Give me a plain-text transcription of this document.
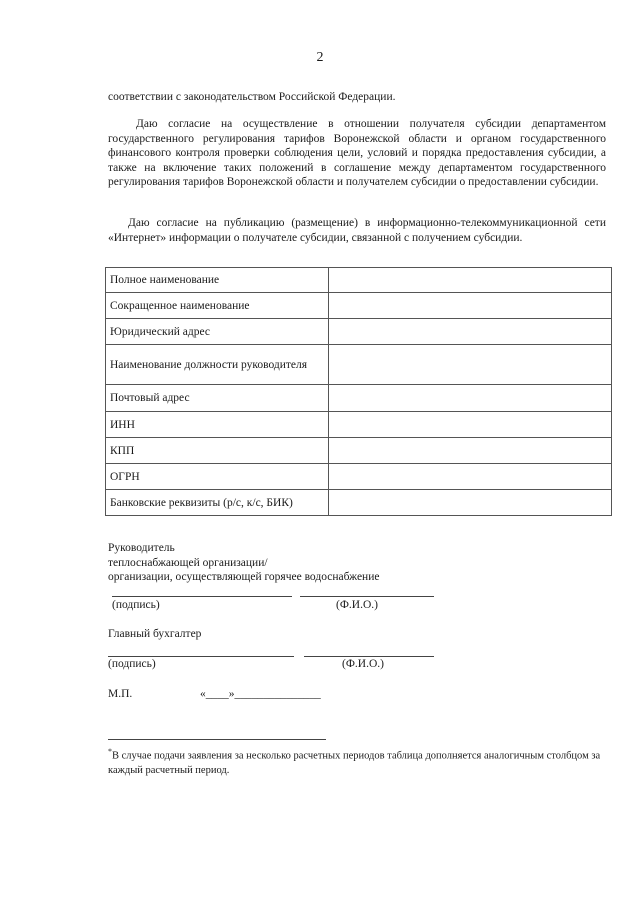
2

соответствии с законодательством Российской Федерации.

Даю согласие на осуществление в отношении получателя субсидии департаментом государственного регулирования тарифов Воронежской области и органом государственного финансового контроля проверки соблюдения цели, условий и порядка предоставления субсидии, а также на включение таких положений в соглашение между департаментом государственного регулирования тарифов Воронежской области и получателем субсидии о предоставлении субсидии.

Даю согласие на публикацию (размещение) в информационно-телекоммуникационной сети «Интернет» информации о получателе субсидии, связанной с получением субсидии.

Полное наименование	
Сокращенное наименование	
Юридический адрес	
Наименование должности руководителя	
Почтовый адрес	
ИНН	
КПП	
ОГРН	
Банковские реквизиты (р/с, к/с, БИК)	
Руководитель
теплоснабжающей организации/
организации, осуществляющей горячее водоснабжение
(подпись)	(Ф.И.О.)
Главный бухгалтер
(подпись)	(Ф.И.О.)
М.П.	«____»_______________

*В случае подачи заявления за несколько расчетных периодов таблица дополняется аналогичным столбцом за каждый расчетный период.
